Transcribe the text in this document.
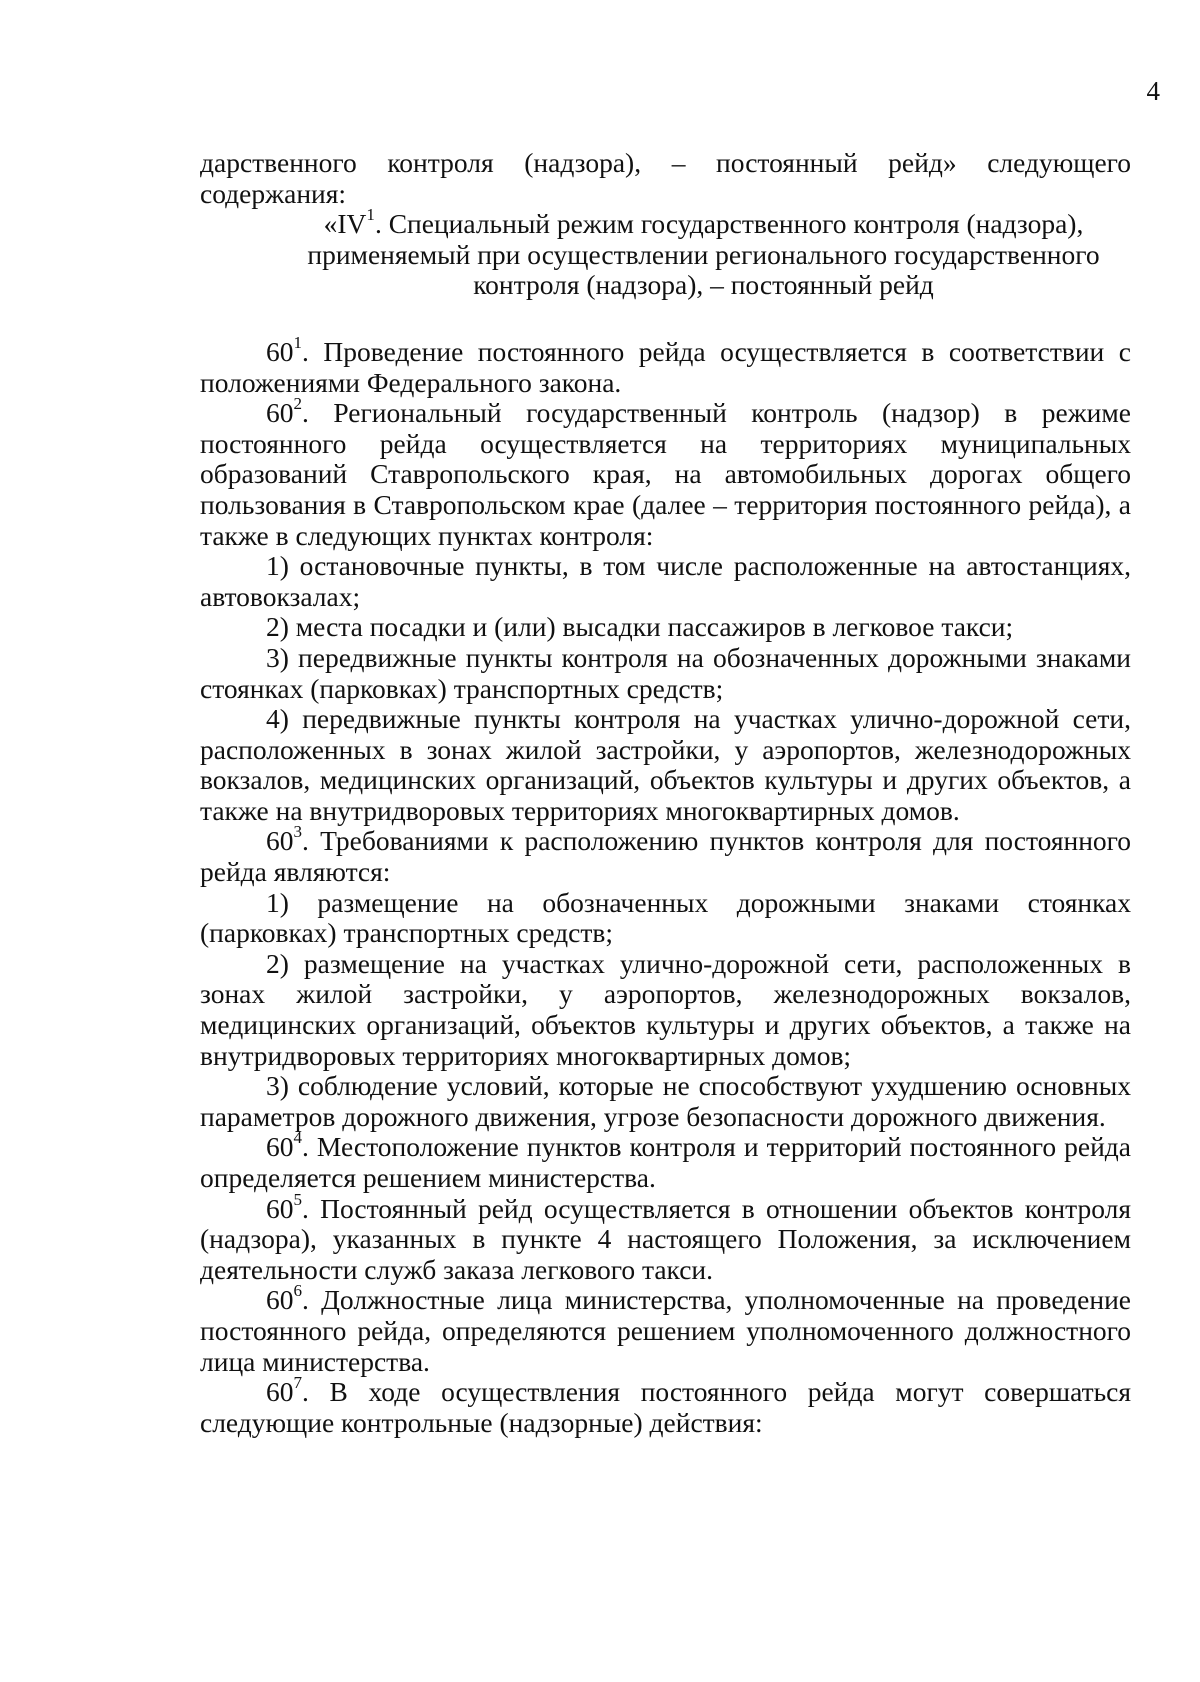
4

дарственного контроля (надзора), – постоянный рейд» следующего содержания:

«$IV^1$. Специальный режим государственного контроля (надзора),
применяемый при осуществлении регионального государственного
контроля (надзора), – постоянный рейд

$60^1$. Проведение постоянного рейда осуществляется в соответствии с положениями Федерального закона.

$60^2$. Региональный государственный контроль (надзор) в режиме постоянного рейда осуществляется на территориях муниципальных образований Ставропольского края, на автомобильных дорогах общего пользования в Ставропольском крае (далее – территория постоянного рейда), а также в следующих пунктах контроля:

1) остановочные пункты, в том числе расположенные на автостанциях, автовокзалах;

2) места посадки и (или) высадки пассажиров в легковое такси;

3) передвижные пункты контроля на обозначенных дорожными знаками стоянках (парковках) транспортных средств;

4) передвижные пункты контроля на участках улично-дорожной сети, расположенных в зонах жилой застройки, у аэропортов, железнодорожных вокзалов, медицинских организаций, объектов культуры и других объектов, а также на внутридворовых территориях многоквартирных домов.

$60^3$. Требованиями к расположению пунктов контроля для постоянного рейда являются:

1) размещение на обозначенных дорожными знаками стоянках (парковках) транспортных средств;

2) размещение на участках улично-дорожной сети, расположенных в зонах жилой застройки, у аэропортов, железнодорожных вокзалов, медицинских организаций, объектов культуры и других объектов, а также на внутридворовых территориях многоквартирных домов;

3) соблюдение условий, которые не способствуют ухудшению основных параметров дорожного движения, угрозе безопасности дорожного движения.

$60^4$. Местоположение пунктов контроля и территорий постоянного рейда определяется решением министерства.

$60^5$. Постоянный рейд осуществляется в отношении объектов контроля (надзора), указанных в пункте 4 настоящего Положения, за исключением деятельности служб заказа легкового такси.

$60^6$. Должностные лица министерства, уполномоченные на проведение постоянного рейда, определяются решением уполномоченного должностного лица министерства.

$60^7$. В ходе осуществления постоянного рейда могут совершаться следующие контрольные (надзорные) действия:
